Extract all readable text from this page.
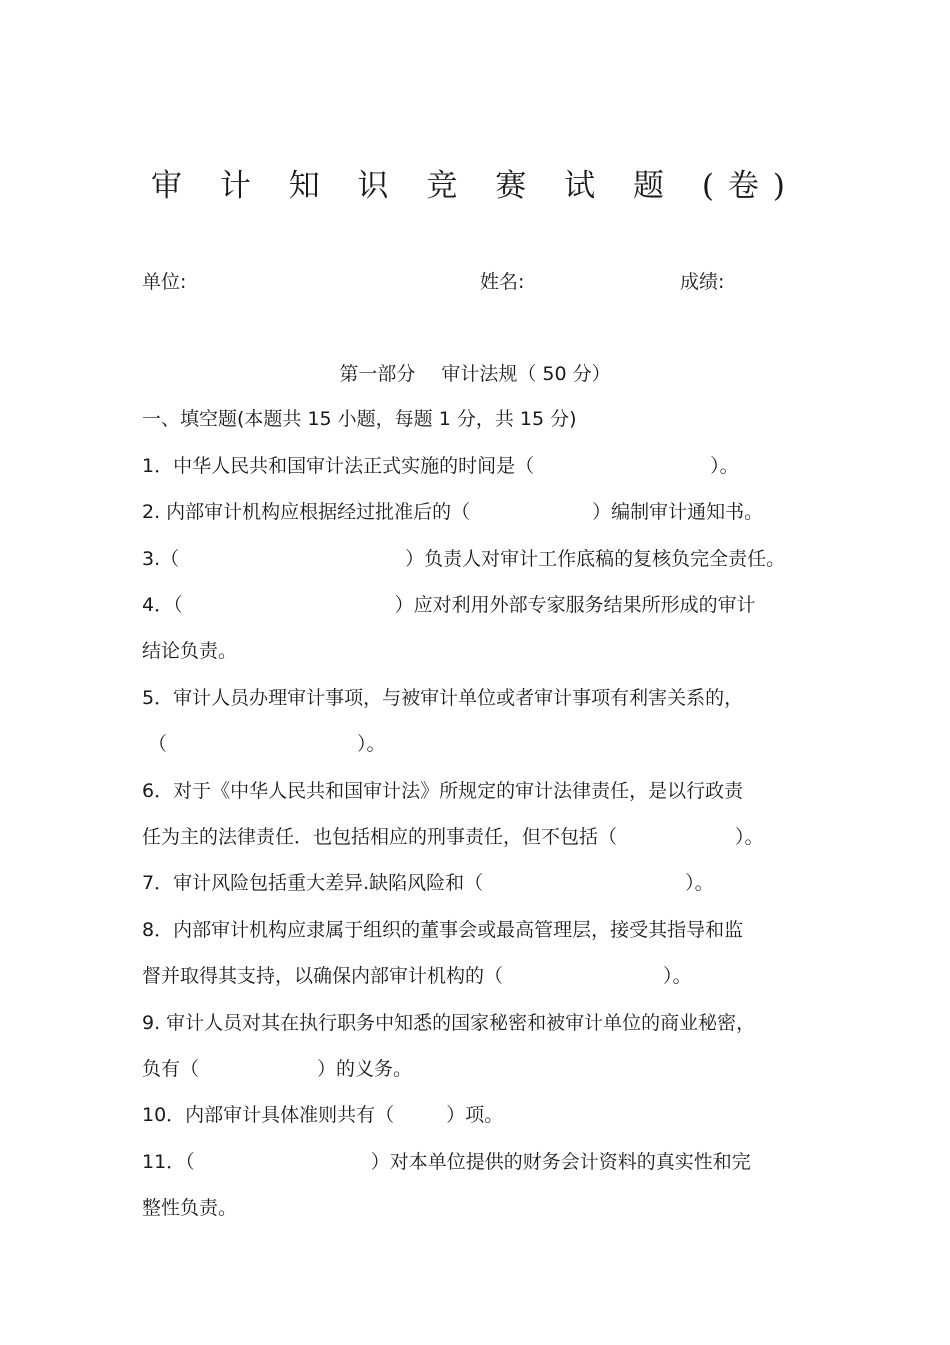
审 计 知 识 竞 赛 试 题 (卷)
单位:	姓名:	成绩:
第一部分 审计法规（ 50 分）
一、填空题(本题共 15 小题，每题 1 分，共 15 分)
1．中华人民共和国审计法正式实施的时间是（	）。
2. 内部审计机构应根据经过批准后的（	）编制审计通知书。
3.（	）负责人对审计工作底稿的复核负完全责任。
4．（	）应对利用外部专家服务结果所形成的审计
结论负责。
5．审计人员办理审计事项，与被审计单位或者审计事项有利害关系的，
（	）。
6．对于《中华人民共和国审计法》所规定的审计法律责任，是以行政责
任为主的法律责任．也包括相应的刑事责任，但不包括（	）。
7．审计风险包括重大差异.缺陷风险和（	）。
8．内部审计机构应隶属于组织的董事会或最高管理层，接受其指导和监
督并取得其支持，以确保内部审计机构的（	）。
9. 审计人员对其在执行职务中知悉的国家秘密和被审计单位的商业秘密，
负有（	）的义务。
10．内部审计具体准则共有（	）项。
11．（	）对本单位提供的财务会计资料的真实性和完
整性负责。
